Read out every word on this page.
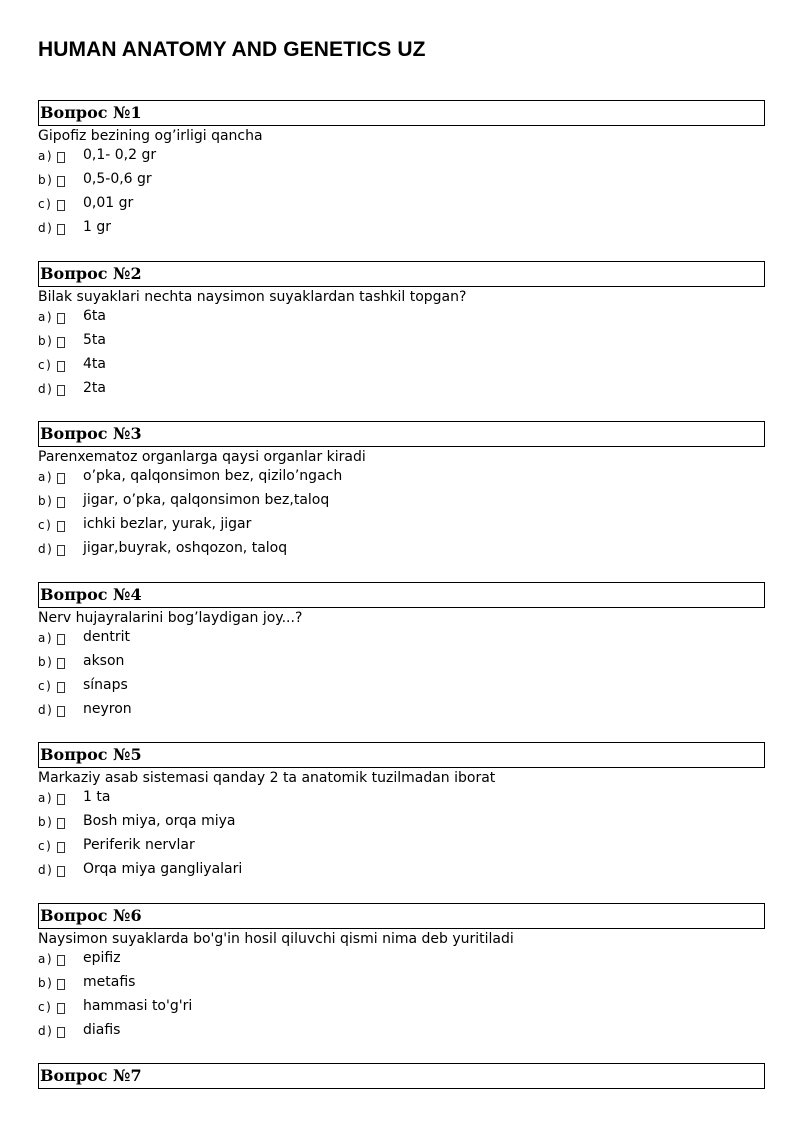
HUMAN ANATOMY AND GENETICS UZ
Вопрос №1
Gipofiz bezining og’irligi qancha
a) 0,1- 0,2 gr
b) 0,5-0,6 gr
c) 0,01 gr
d) 1 gr
Вопрос №2
Bilak suyaklari nechta naysimon suyaklardan tashkil topgan?
a) 6ta
b) 5ta
c) 4ta
d) 2ta
Вопрос №3
Parenxematoz organlarga qaysi organlar kiradi
a) o’pka, qalqonsimon bez, qizilo’ngach
b) jigar, o’pka, qalqonsimon bez,taloq
c) ichki bezlar, yurak, jigar
d) jigar,buyrak, oshqozon, taloq
Вопрос №4
Nerv hujayralarini bog’laydigan joy...?
a) dentrit
b) akson
c) sínaps
d) neyron
Вопрос №5
Markaziy asab sistemasi qanday 2 ta anatomik tuzilmadan iborat
a) 1 ta
b) Bosh miya, orqa miya
c) Periferik nervlar
d) Orqa miya gangliyalari
Вопрос №6
Naysimon suyaklarda bo'g'in hosil qiluvchi qismi nima deb yuritiladi
a) epifiz
b) metafis
c) hammasi to'g'ri
d) diafis
Вопрос №7
